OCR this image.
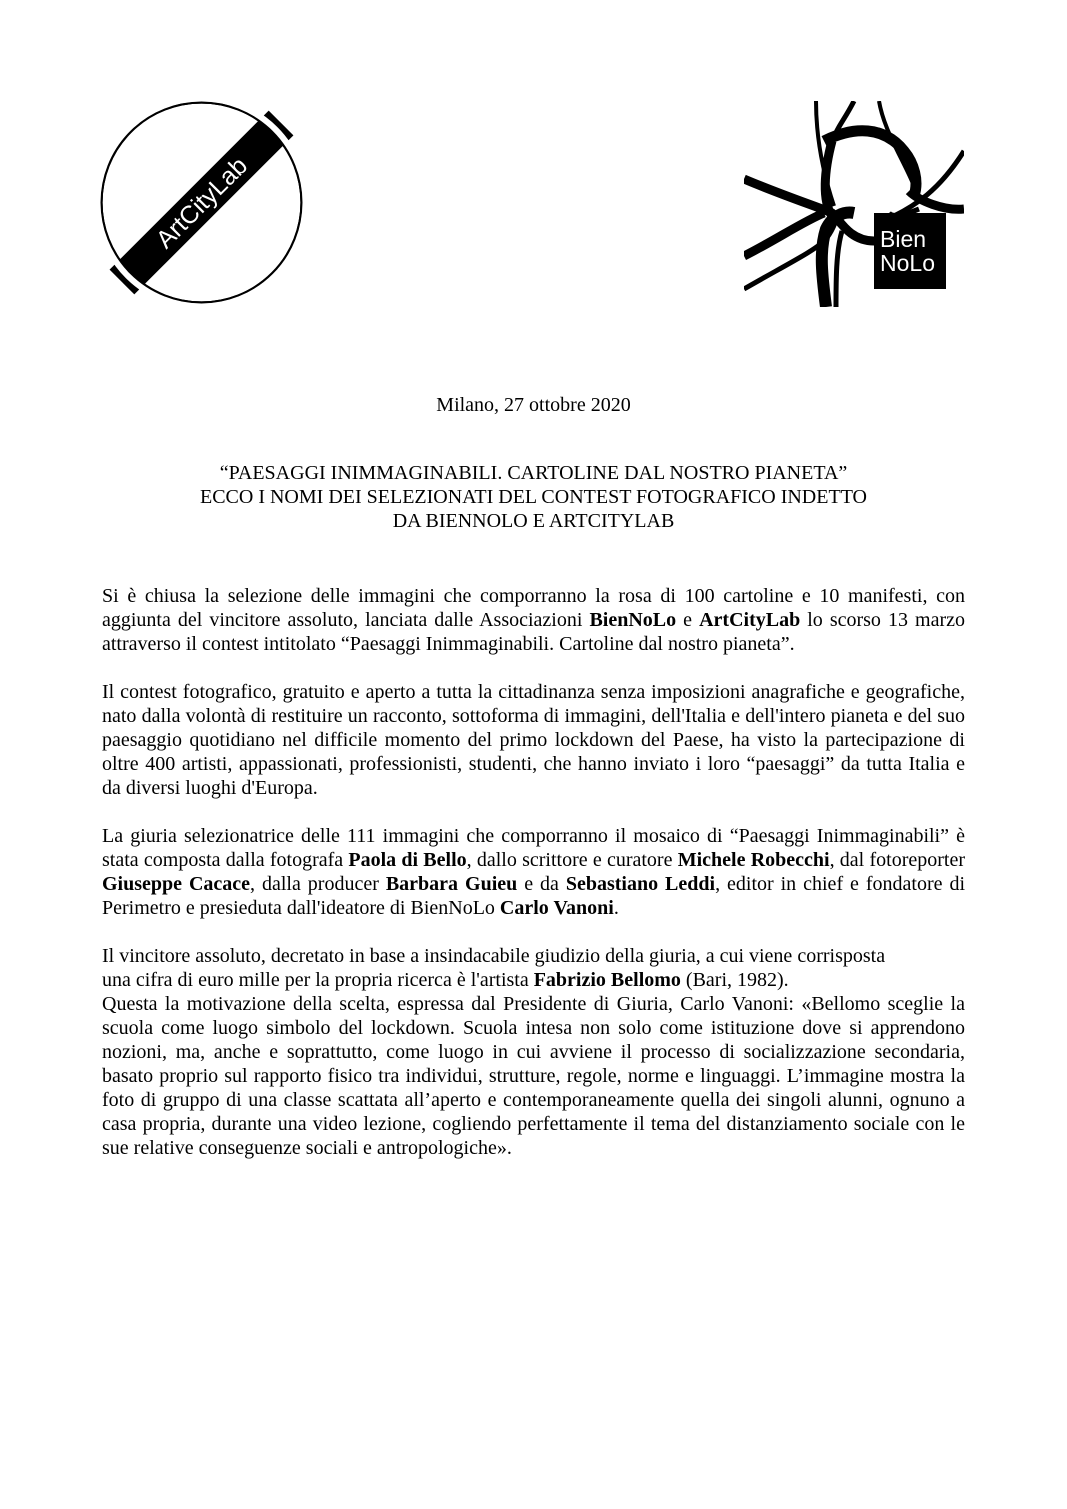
ArtCityLab	Bien
NoLo
Milano, 27 ottobre 2020
“PAESAGGI INIMMAGINABILI. CARTOLINE DAL NOSTRO PIANETA”
ECCO I NOMI DEI SELEZIONATI DEL CONTEST FOTOGRAFICO INDETTO
DA BIENNOLO E ARTCITYLAB

Si è chiusa la selezione delle immagini che comporranno la rosa di 100 cartoline e 10 manifesti, con aggiunta del vincitore assoluto, lanciata dalle Associazioni BienNoLo e ArtCityLab lo scorso 13 marzo attraverso il contest intitolato “Paesaggi Inimmaginabili. Cartoline dal nostro pianeta”.

Il contest fotografico, gratuito e aperto a tutta la cittadinanza senza imposizioni anagrafiche e geografiche, nato dalla volontà di restituire un racconto, sottoforma di immagini, dell'Italia e dell'intero pianeta e del suo paesaggio quotidiano nel difficile momento del primo lockdown del Paese, ha visto la partecipazione di oltre 400 artisti, appassionati, professionisti, studenti, che hanno inviato i loro “paesaggi” da tutta Italia e da diversi luoghi d'Europa.

La giuria selezionatrice delle 111 immagini che comporranno il mosaico di “Paesaggi Inimmaginabili” è stata composta dalla fotografa Paola di Bello, dallo scrittore e curatore Michele Robecchi, dal fotoreporter Giuseppe Cacace, dalla producer Barbara Guieu e da Sebastiano Leddi, editor in chief e fondatore di Perimetro e presieduta dall'ideatore di BienNoLo Carlo Vanoni.

Il vincitore assoluto, decretato in base a insindacabile giudizio della giuria, a cui viene corrisposta
una cifra di euro mille per la propria ricerca è l'artista Fabrizio Bellomo (Bari, 1982).

Questa la motivazione della scelta, espressa dal Presidente di Giuria, Carlo Vanoni: «Bellomo sceglie la scuola come luogo simbolo del lockdown. Scuola intesa non solo come istituzione dove si apprendono nozioni, ma, anche e soprattutto, come luogo in cui avviene il processo di socializzazione secondaria, basato proprio sul rapporto fisico tra individui, strutture, regole, norme e linguaggi. L’immagine mostra la foto di gruppo di una classe scattata all’aperto e contemporaneamente quella dei singoli alunni, ognuno a casa propria, durante una video lezione, cogliendo perfettamente il tema del distanziamento sociale con le sue relative conseguenze sociali e antropologiche».
